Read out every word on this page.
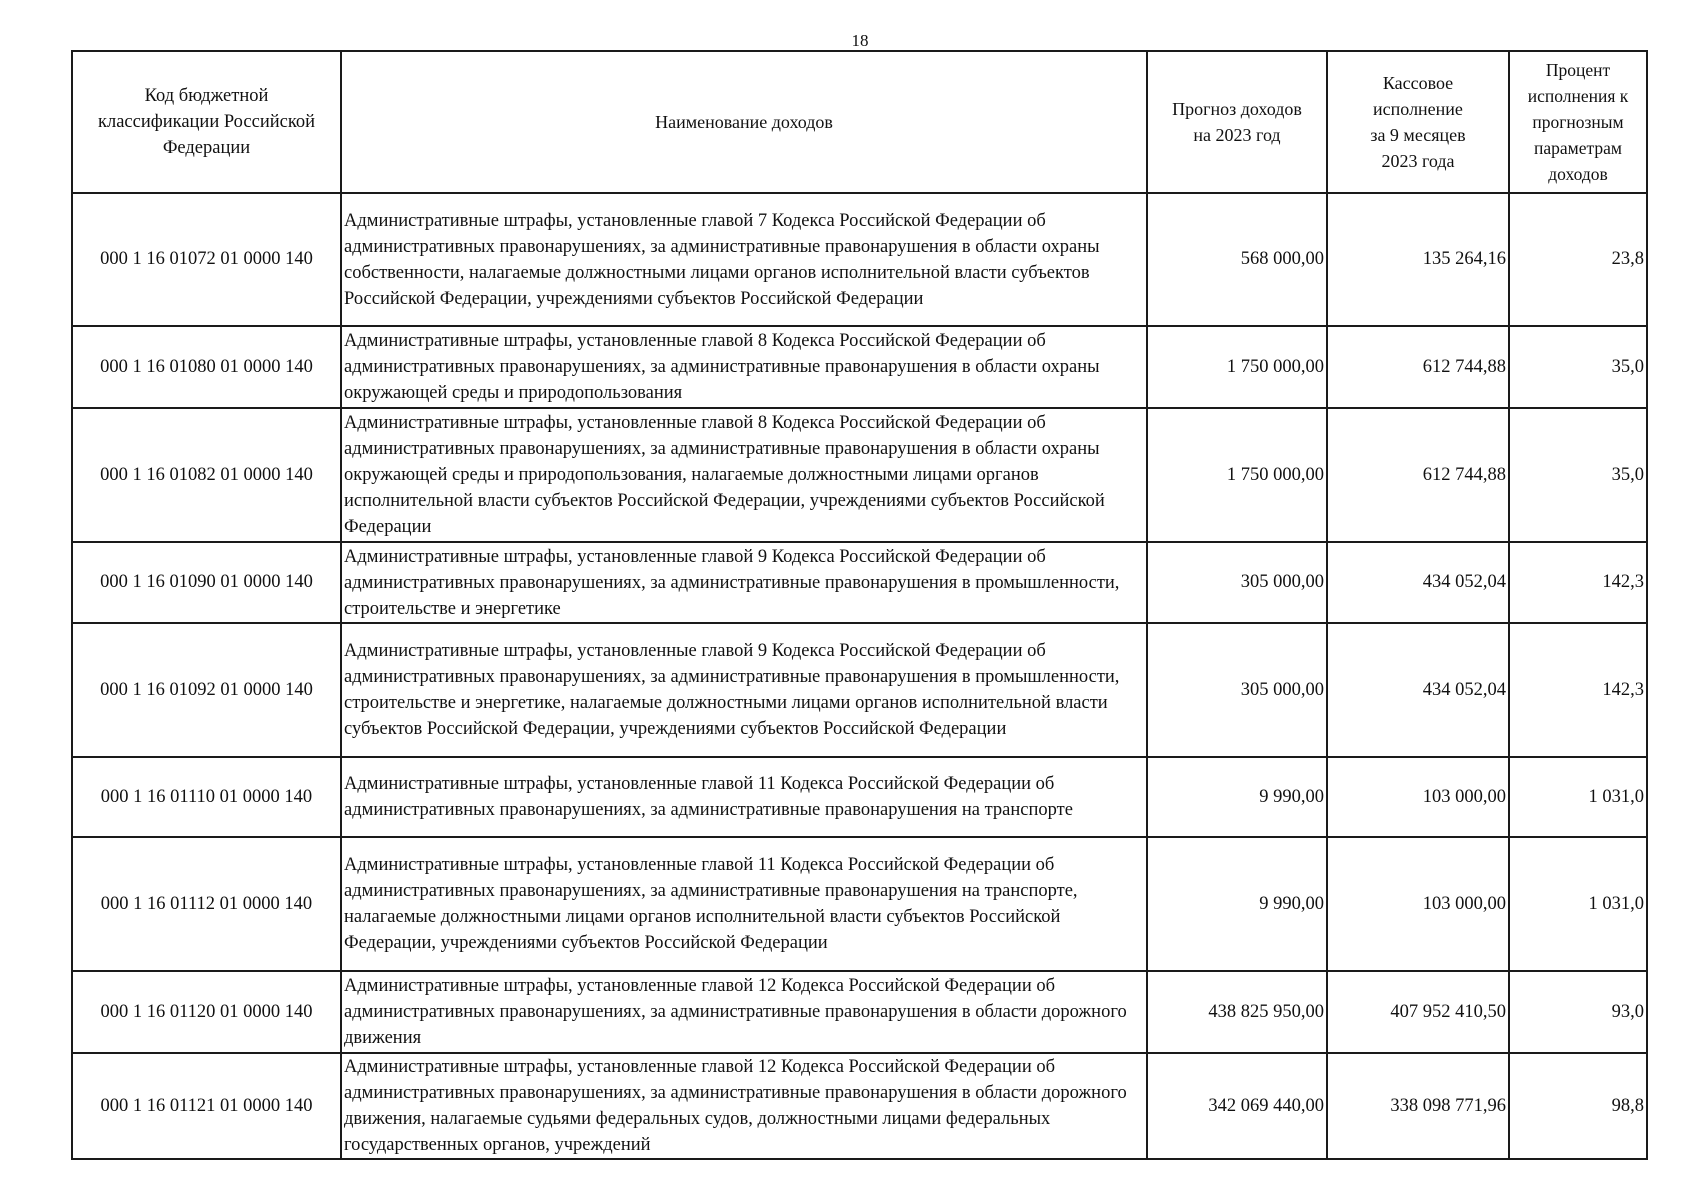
18
Код бюджетной
классификации Российской
Федерации	Наименование доходов	Прогноз доходов
на 2023 год	Кассовое
исполнение
за 9 месяцев
2023 года	Процент
исполнения к
прогнозным
параметрам
доходов
000 1 16 01072 01 0000 140	Административные штрафы, установленные главой 7 Кодекса Российской Федерации об административных правонарушениях, за административные правонарушения в области охраны собственности, налагаемые должностными лицами органов исполнительной власти субъектов Российской Федерации, учреждениями субъектов Российской Федерации	568 000,00	135 264,16	23,8
000 1 16 01080 01 0000 140	Административные штрафы, установленные главой 8 Кодекса Российской Федерации об административных правонарушениях, за административные правонарушения в области охраны окружающей среды и природопользования	1 750 000,00	612 744,88	35,0
000 1 16 01082 01 0000 140	Административные штрафы, установленные главой 8 Кодекса Российской Федерации об административных правонарушениях, за административные правонарушения в области охраны окружающей среды и природопользования, налагаемые должностными лицами органов исполнительной власти субъектов Российской Федерации, учреждениями субъектов Российской Федерации	1 750 000,00	612 744,88	35,0
000 1 16 01090 01 0000 140	Административные штрафы, установленные главой 9 Кодекса Российской Федерации об административных правонарушениях, за административные правонарушения в промышленности, строительстве и энергетике	305 000,00	434 052,04	142,3
000 1 16 01092 01 0000 140	Административные штрафы, установленные главой 9 Кодекса Российской Федерации об административных правонарушениях, за административные правонарушения в промышленности, строительстве и энергетике, налагаемые должностными лицами органов исполнительной власти субъектов Российской Федерации, учреждениями субъектов Российской Федерации	305 000,00	434 052,04	142,3
000 1 16 01110 01 0000 140	Административные штрафы, установленные главой 11 Кодекса Российской Федерации об административных правонарушениях, за административные правонарушения на транспорте	9 990,00	103 000,00	1 031,0
000 1 16 01112 01 0000 140	Административные штрафы, установленные главой 11 Кодекса Российской Федерации об административных правонарушениях, за административные правонарушения на транспорте, налагаемые должностными лицами органов исполнительной власти субъектов Российской Федерации, учреждениями субъектов Российской Федерации	9 990,00	103 000,00	1 031,0
000 1 16 01120 01 0000 140	Административные штрафы, установленные главой 12 Кодекса Российской Федерации об административных правонарушениях, за административные правонарушения в области дорожного движения	438 825 950,00	407 952 410,50	93,0
000 1 16 01121 01 0000 140	Административные штрафы, установленные главой 12 Кодекса Российской Федерации об административных правонарушениях, за административные правонарушения в области дорожного движения, налагаемые судьями федеральных судов, должностными лицами федеральных государственных органов, учреждений	342 069 440,00	338 098 771,96	98,8
